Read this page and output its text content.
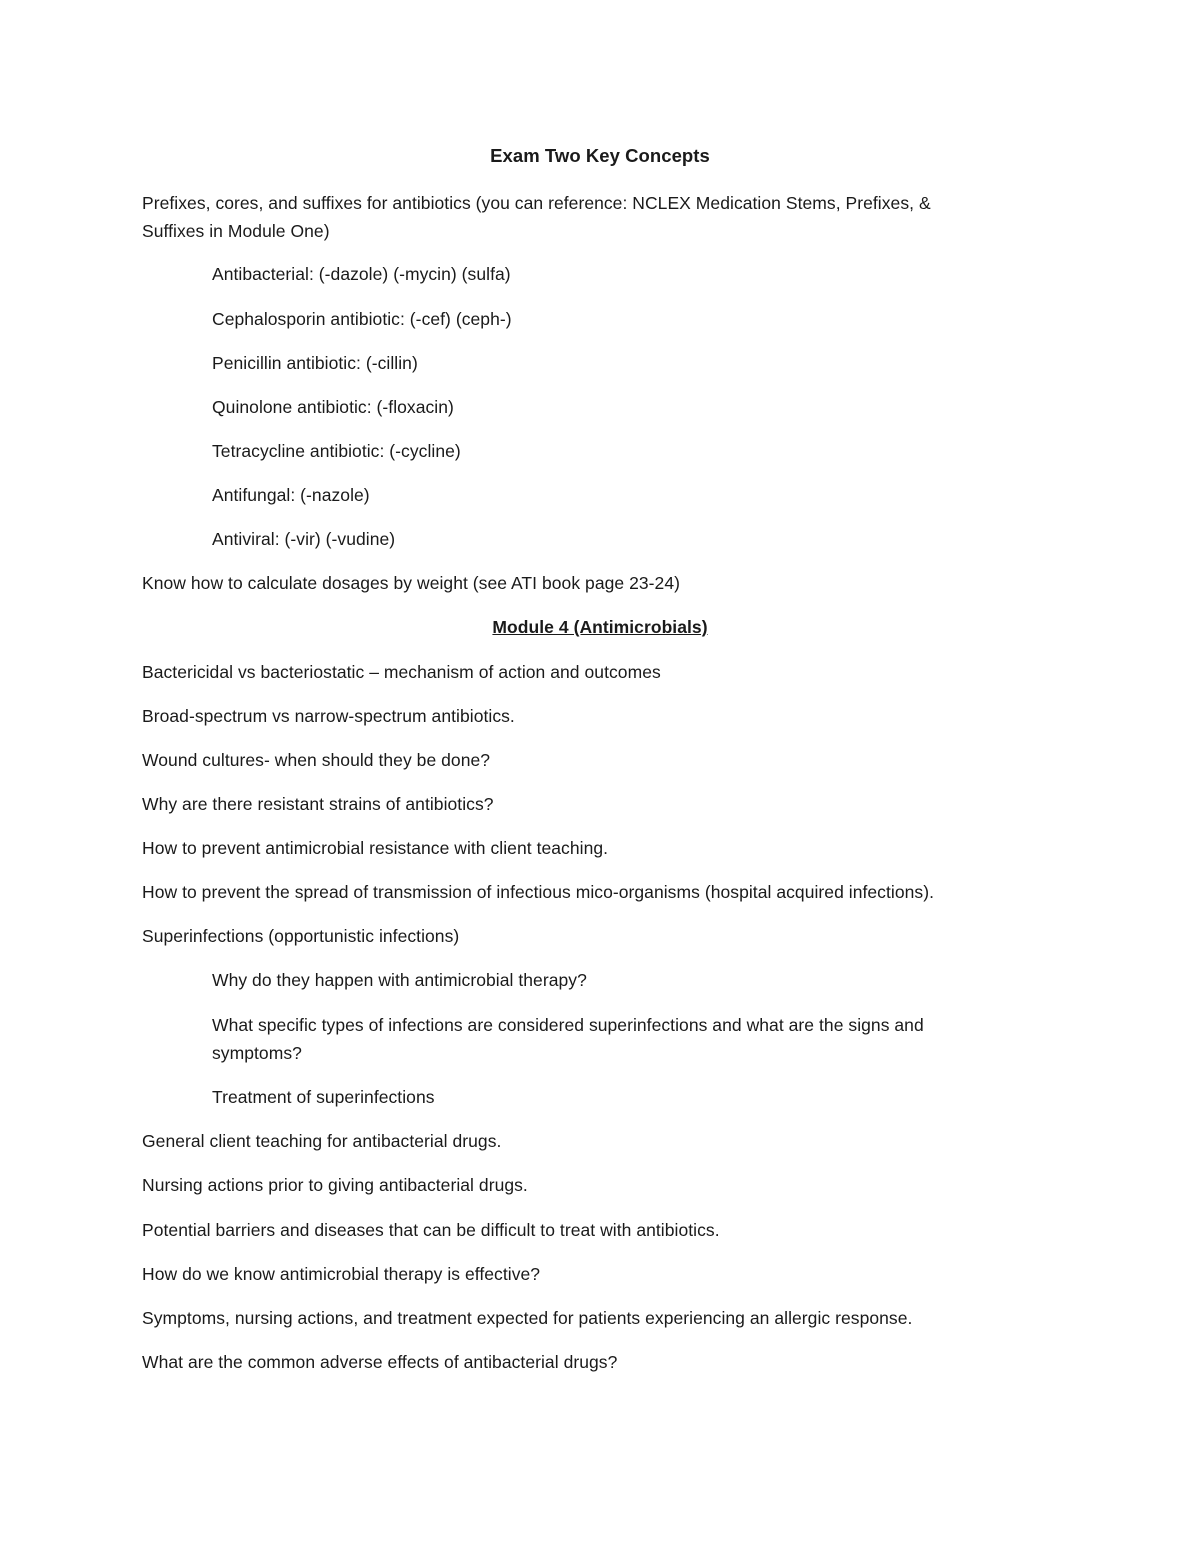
Exam Two Key Concepts
Prefixes, cores, and suffixes for antibiotics (you can reference: NCLEX Medication Stems, Prefixes, &
Suffixes in Module One)
Antibacterial: (-dazole) (-mycin) (sulfa)
Cephalosporin antibiotic: (-cef) (ceph-)
Penicillin antibiotic: (-cillin)
Quinolone antibiotic: (-floxacin)
Tetracycline antibiotic: (-cycline)
Antifungal: (-nazole)
Antiviral: (-vir) (-vudine)
Know how to calculate dosages by weight (see ATI book page 23-24)
Module 4 (Antimicrobials)
Bactericidal vs bacteriostatic – mechanism of action and outcomes
Broad-spectrum vs narrow-spectrum antibiotics.
Wound cultures- when should they be done?
Why are there resistant strains of antibiotics?
How to prevent antimicrobial resistance with client teaching.
How to prevent the spread of transmission of infectious mico-organisms (hospital acquired infections).
Superinfections (opportunistic infections)
Why do they happen with antimicrobial therapy?
What specific types of infections are considered superinfections and what are the signs and
symptoms?
Treatment of superinfections
General client teaching for antibacterial drugs.
Nursing actions prior to giving antibacterial drugs.
Potential barriers and diseases that can be difficult to treat with antibiotics.
How do we know antimicrobial therapy is effective?
Symptoms, nursing actions, and treatment expected for patients experiencing an allergic response.
What are the common adverse effects of antibacterial drugs?
